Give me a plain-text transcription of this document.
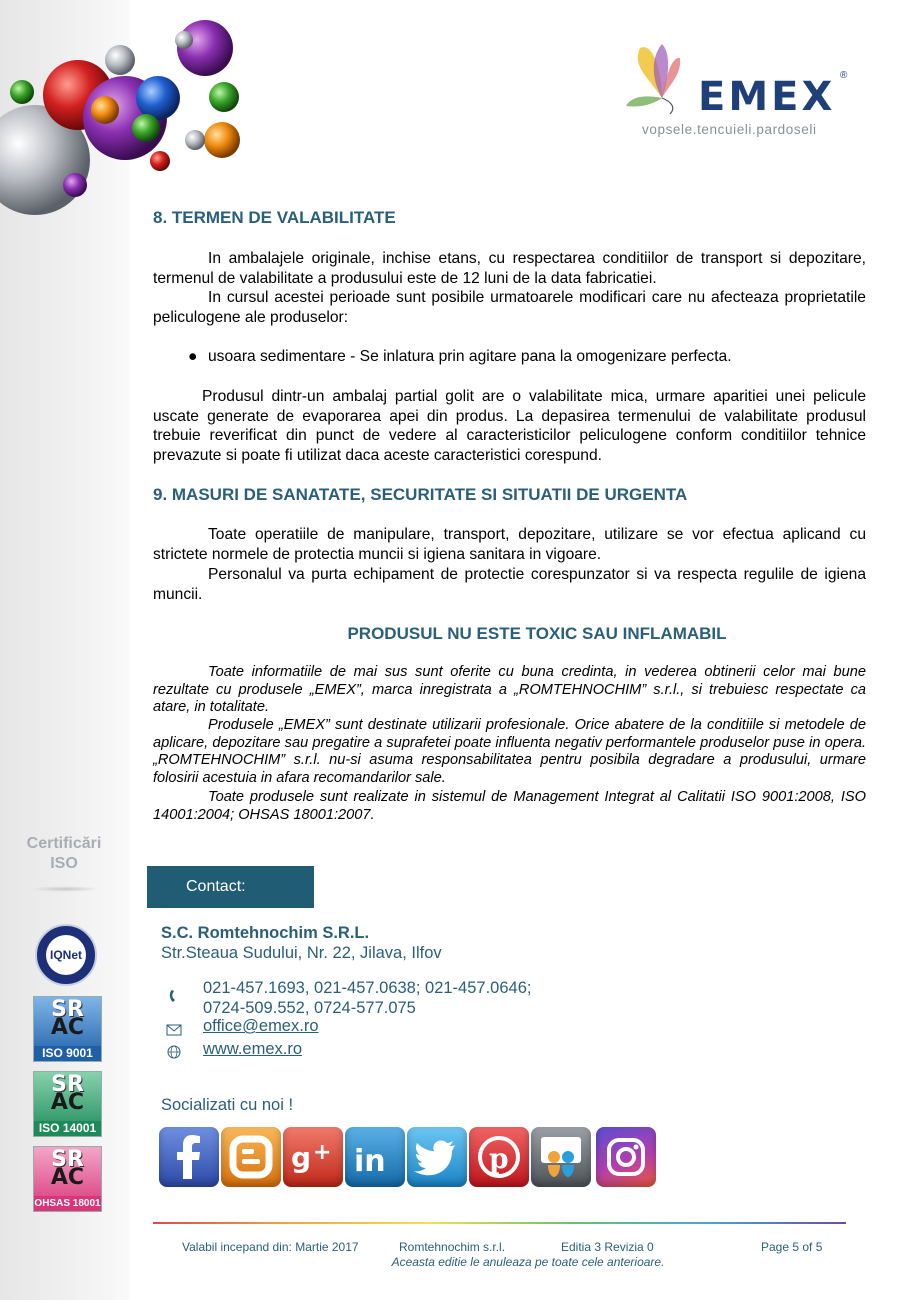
EMEX ®
vopsele.tencuieli.pardoseli
8. TERMEN DE VALABILITATE

In ambalajele originale, inchise etans, cu respectarea conditiilor de transport si depozitare, termenul de valabilitate a produsului este de 12 luni de la data fabricatiei.

In cursul acestei perioade sunt posibile urmatoarele modificari care nu afecteaza proprietatile peliculogene ale produselor:

● usoara sedimentare - Se inlatura prin agitare pana la omogenizare perfecta.

Produsul dintr-un ambalaj partial golit are o valabilitate mica, urmare aparitiei unei pelicule uscate generate de evaporarea apei din produs. La depasirea termenului de valabilitate produsul trebuie reverificat din punct de vedere al caracteristicilor peliculogene conform conditiilor tehnice prevazute si poate fi utilizat daca aceste caracteristici corespund.

9. MASURI DE SANATATE, SECURITATE SI SITUATII DE URGENTA

Toate operatiile de manipulare, transport, depozitare, utilizare se vor efectua aplicand cu strictete normele de protectia muncii si igiena sanitara in vigoare.

Personalul va purta echipament de protectie corespunzator si va respecta regulile de igiena muncii.

PRODUSUL NU ESTE TOXIC SAU INFLAMABIL

Toate informatiile de mai sus sunt oferite cu buna credinta, in vederea obtinerii celor mai bune rezultate cu produsele „EMEX”, marca inregistrata a „ROMTEHNOCHIM” s.r.l., si trebuiesc respectate ca atare, in totalitate.

Produsele „EMEX” sunt destinate utilizarii profesionale. Orice abatere de la conditiile si metodele de aplicare, depozitare sau pregatire a suprafetei poate influenta negativ performantele produselor puse in opera. „ROMTEHNOCHIM” s.r.l. nu-si asuma responsabilitatea pentru posibila degradare a produsului, urmare folosirii acestuia in afara recomandarilor sale.

Toate produsele sunt realizate in sistemul de Management Integrat al Calitatii ISO 9001:2008, ISO 14001:2004; OHSAS 18001:2007.

Certificări
ISO
IQNet
SR
AC
ISO 9001
SR
AC
ISO 14001
SR
AC
OHSAS 18001
Contact:
S.C. Romtehnochim S.R.L.
Str.Steaua Sudului, Nr. 22, Jilava, Ilfov
021-457.1693, 021-457.0638; 021-457.0646;
0724-509.552, 0724-577.075
office@emex.ro
www.emex.ro
Socializati cu noi !
g + in	p
Valabil incepand din: Martie 2017	Romtehnochim s.r.l.	Editia 3 Revizia 0	Page 5 of 5
Aceasta editie le anuleaza pe toate cele anterioare.
